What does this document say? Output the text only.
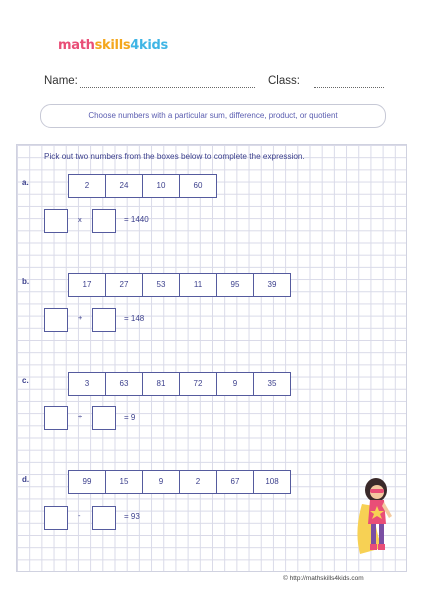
mathskills4kids
Name:	Class:
Choose numbers with a particular sum, difference, product, or quotient
Pick out two numbers from the boxes below to complete the expression.
a.	2	24	10	60
x	= 1440
b.	17	27	53	11	95	39
+	= 148
c.	3	63	81	72	9	35
÷	= 9
d.	99	15	9	2	67	108
-	= 93
© http://mathskills4kids.com
